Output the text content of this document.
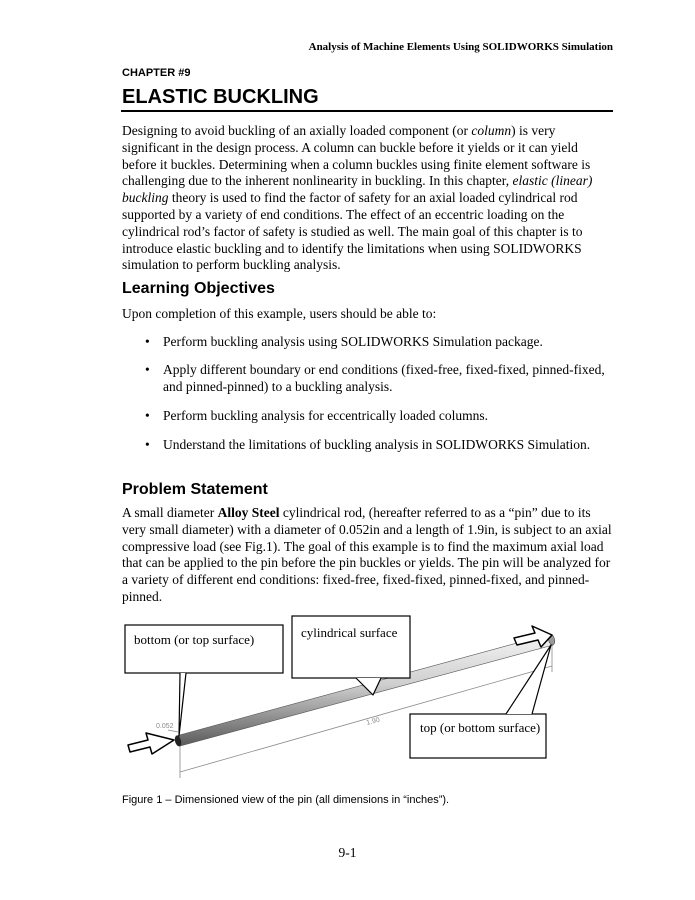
Analysis of Machine Elements Using SOLIDWORKS Simulation
CHAPTER #9
ELASTIC BUCKLING

Designing to avoid buckling of an axially loaded component (or column) is very significant in the design process. A column can buckle before it yields or it can yield before it buckles. Determining when a column buckles using finite element software is challenging due to the inherent nonlinearity in buckling. In this chapter, elastic (linear) buckling theory is used to find the factor of safety for an axial loaded cylindrical rod supported by a variety of end conditions. The effect of an eccentric loading on the cylindrical rod’s factor of safety is studied as well. The main goal of this chapter is to introduce elastic buckling and to identify the limitations when using SOLIDWORKS simulation to perform buckling analysis.

Learning Objectives

Upon completion of this example, users should be able to:

• Perform buckling analysis using SOLIDWORKS Simulation package.
• Apply different boundary or end conditions (fixed-free, fixed-fixed, pinned-fixed, and pinned-pinned) to a buckling analysis.
• Perform buckling analysis for eccentrically loaded columns.
• Understand the limitations of buckling analysis in SOLIDWORKS Simulation.
Problem Statement

A small diameter Alloy Steel cylindrical rod, (hereafter referred to as a “pin” due to its very small diameter) with a diameter of 0.052in and a length of 1.9in, is subject to an axial compressive load (see Fig.1). The goal of this example is to find the maximum axial load that can be applied to the pin before the pin buckles or yields. The pin will be analyzed for a variety of different end conditions: fixed-free, fixed-fixed, pinned-fixed, and pinned-pinned.

0.052	1.90
bottom (or top surface)	cylindrical surface
top (or bottom surface)

Figure 1 – Dimensioned view of the pin (all dimensions in “inches”).

9-1
